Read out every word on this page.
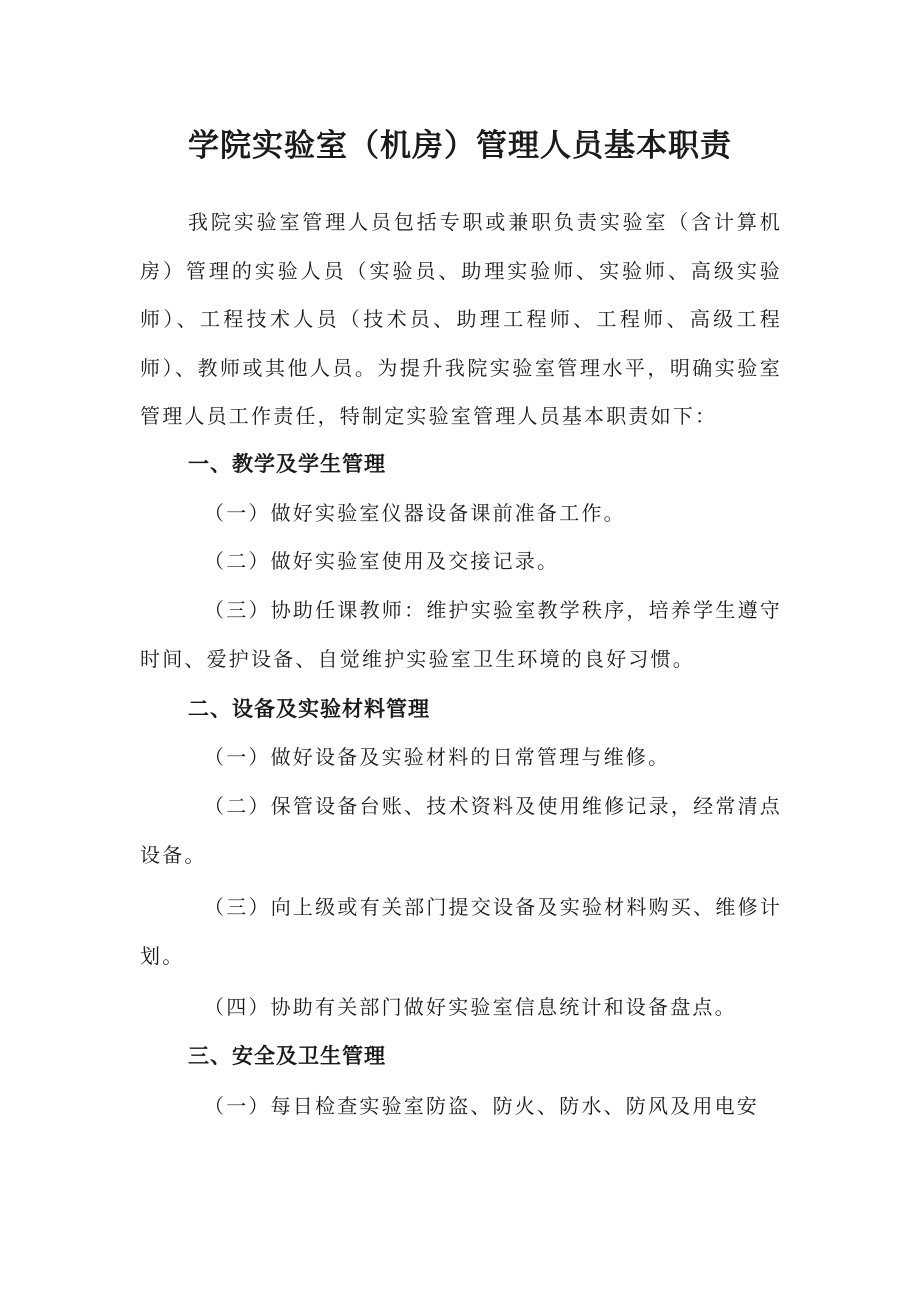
学院实验室（机房）管理人员基本职责

我院实验室管理人员包括专职或兼职负责实验室（含计算机房）管理的实验人员（实验员、助理实验师、实验师、高级实验师）、工程技术人员（技术员、助理工程师、工程师、高级工程师）、教师或其他人员。为提升我院实验室管理水平，明确实验室管理人员工作责任，特制定实验室管理人员基本职责如下：

一、教学及学生管理

（一）做好实验室仪器设备课前准备工作。

（二）做好实验室使用及交接记录。

（三）协助任课教师：维护实验室教学秩序，培养学生遵守时间、爱护设备、自觉维护实验室卫生环境的良好习惯。

二、设备及实验材料管理

（一）做好设备及实验材料的日常管理与维修。

（二）保管设备台账、技术资料及使用维修记录，经常清点设备。

（三）向上级或有关部门提交设备及实验材料购买、维修计划。

（四）协助有关部门做好实验室信息统计和设备盘点。

三、安全及卫生管理

（一）每日检查实验室防盗、防火、防水、防风及用电安
